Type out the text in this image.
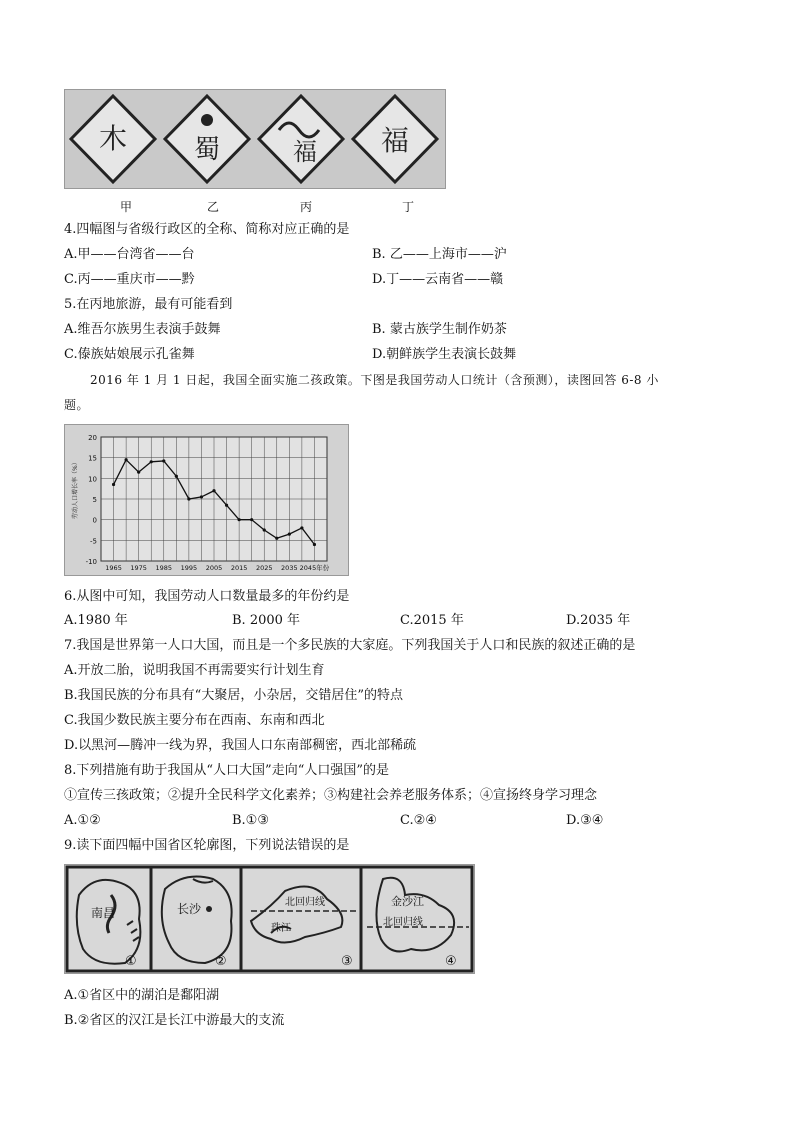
木	蜀	福 福
甲	乙	丙	丁
4.四幅图与省级行政区的全称、简称对应正确的是
A.甲——台湾省——台	B. 乙——上海市——沪
C.丙——重庆市——黔	D.丁——云南省——赣
5.在丙地旅游，最有可能看到
A.维吾尔族男生表演手鼓舞	B. 蒙古族学生制作奶茶
C.傣族姑娘展示孔雀舞	D.朝鲜族学生表演长鼓舞
2016 年 1 月 1 日起，我国全面实施二孩政策。下图是我国劳动人口统计（含预测），读图回答 6-8 小
题。
20
15
10
5
0
-5
-10
1965 1975 1985 1995 2005 2015 2025 2035 2045年份
劳动人口增长率（%）
6.从图中可知，我国劳动人口数量最多的年份约是
A.1980 年	B. 2000 年	C.2015 年	D.2035 年
7.我国是世界第一人口大国，而且是一个多民族的大家庭。下列我国关于人口和民族的叙述正确的是
A.开放二胎，说明我国不再需要实行计划生育
B.我国民族的分布具有“大聚居，小杂居，交错居住”的特点
C.我国少数民族主要分布在西南、东南和西北
D.以黑河—腾冲一线为界，我国人口东南部稠密，西北部稀疏
8.下列措施有助于我国从“人口大国”走向“人口强国”的是
①宣传三孩政策；②提升全民科学文化素养；③构建社会养老服务体系；④宣扬终身学习理念
A.①②	B.①③	C.②④	D.③④
9.读下面四幅中国省区轮廓图，下列说法错误的是
南昌
①
长沙
②
北回归线
珠江
③
金沙江
北回归线
④
A.①省区中的湖泊是鄱阳湖
B.②省区的汉江是长江中游最大的支流
